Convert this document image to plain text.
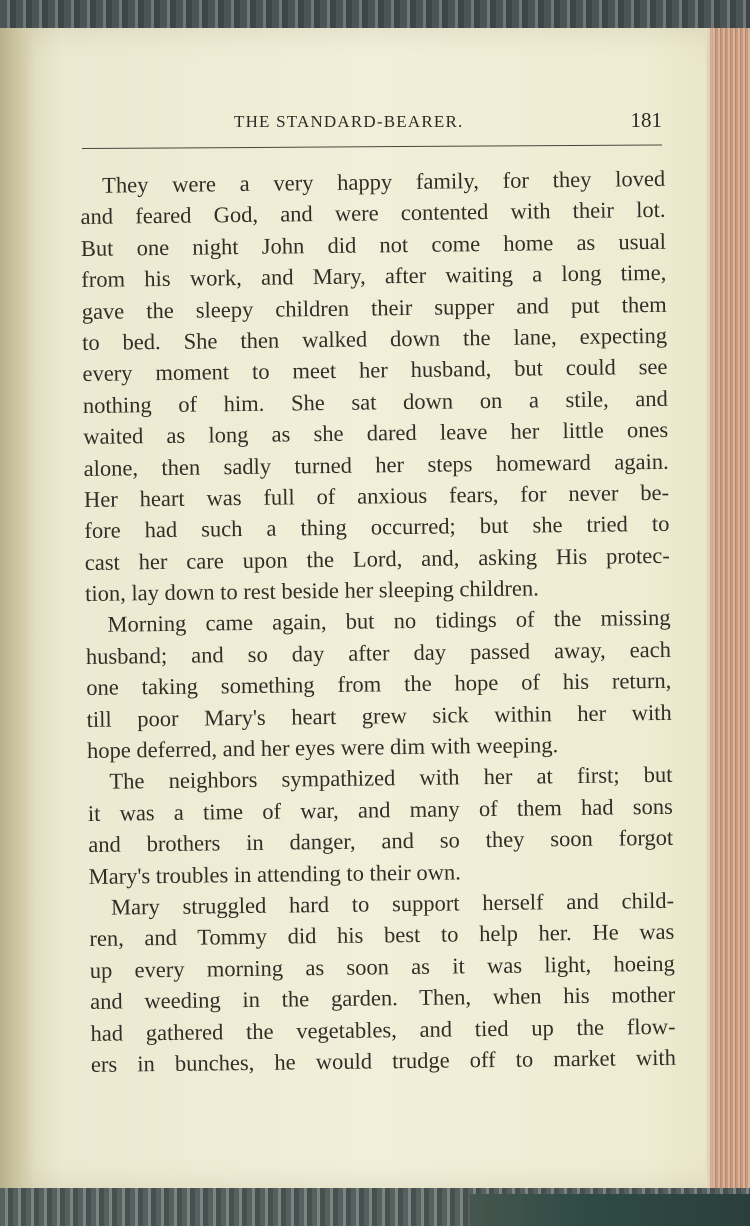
THE STANDARD-BEARER.	181
They were a very happy family, for they loved
and feared God, and were contented with their lot.
But one night John did not come home as usual
from his work, and Mary, after waiting a long time,
gave the sleepy children their supper and put them
to bed. She then walked down the lane, expecting
every moment to meet her husband, but could see
nothing of him. She sat down on a stile, and
waited as long as she dared leave her little ones
alone, then sadly turned her steps homeward again.
Her heart was full of anxious fears, for never be-
fore had such a thing occurred; but she tried to
cast her care upon the Lord, and, asking His protec-
tion, lay down to rest beside her sleeping children.
Morning came again, but no tidings of the missing
husband; and so day after day passed away, each
one taking something from the hope of his return,
till poor Mary's heart grew sick within her with
hope deferred, and her eyes were dim with weeping.
The neighbors sympathized with her at first; but
it was a time of war, and many of them had sons
and brothers in danger, and so they soon forgot
Mary's troubles in attending to their own.
Mary struggled hard to support herself and child-
ren, and Tommy did his best to help her. He was
up every morning as soon as it was light, hoeing
and weeding in the garden. Then, when his mother
had gathered the vegetables, and tied up the flow-
ers in bunches, he would trudge off to market with
